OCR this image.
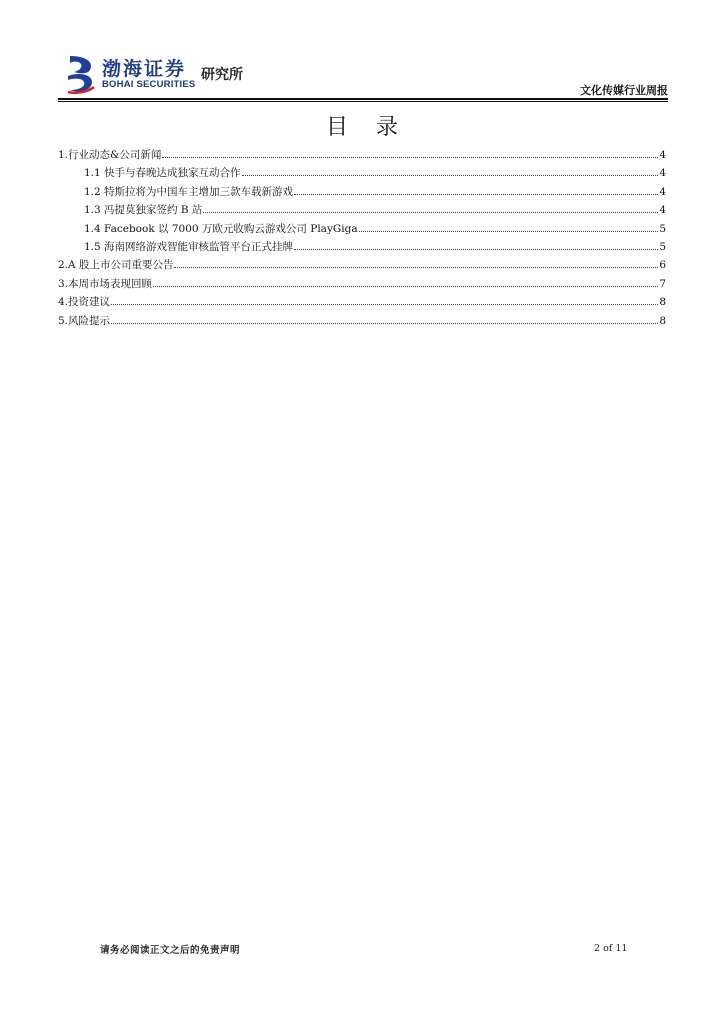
渤海证券
BOHAI SECURITIES
研究所
文化传媒行业周报
目录
1.行业动态&公司新闻	4
1.1 快手与春晚达成独家互动合作	4
1.2 特斯拉将为中国车主增加三款车载新游戏	4
1.3 冯提莫独家签约 B 站	4
1.4 Facebook 以 7000 万欧元收购云游戏公司 PlayGiga	5
1.5 海南网络游戏智能审核监管平台正式挂牌	5
2.A 股上市公司重要公告	6
3.本周市场表现回顾	7
4.投资建议	8
5.风险提示	8
请务必阅读正文之后的免责声明	2 of 11
